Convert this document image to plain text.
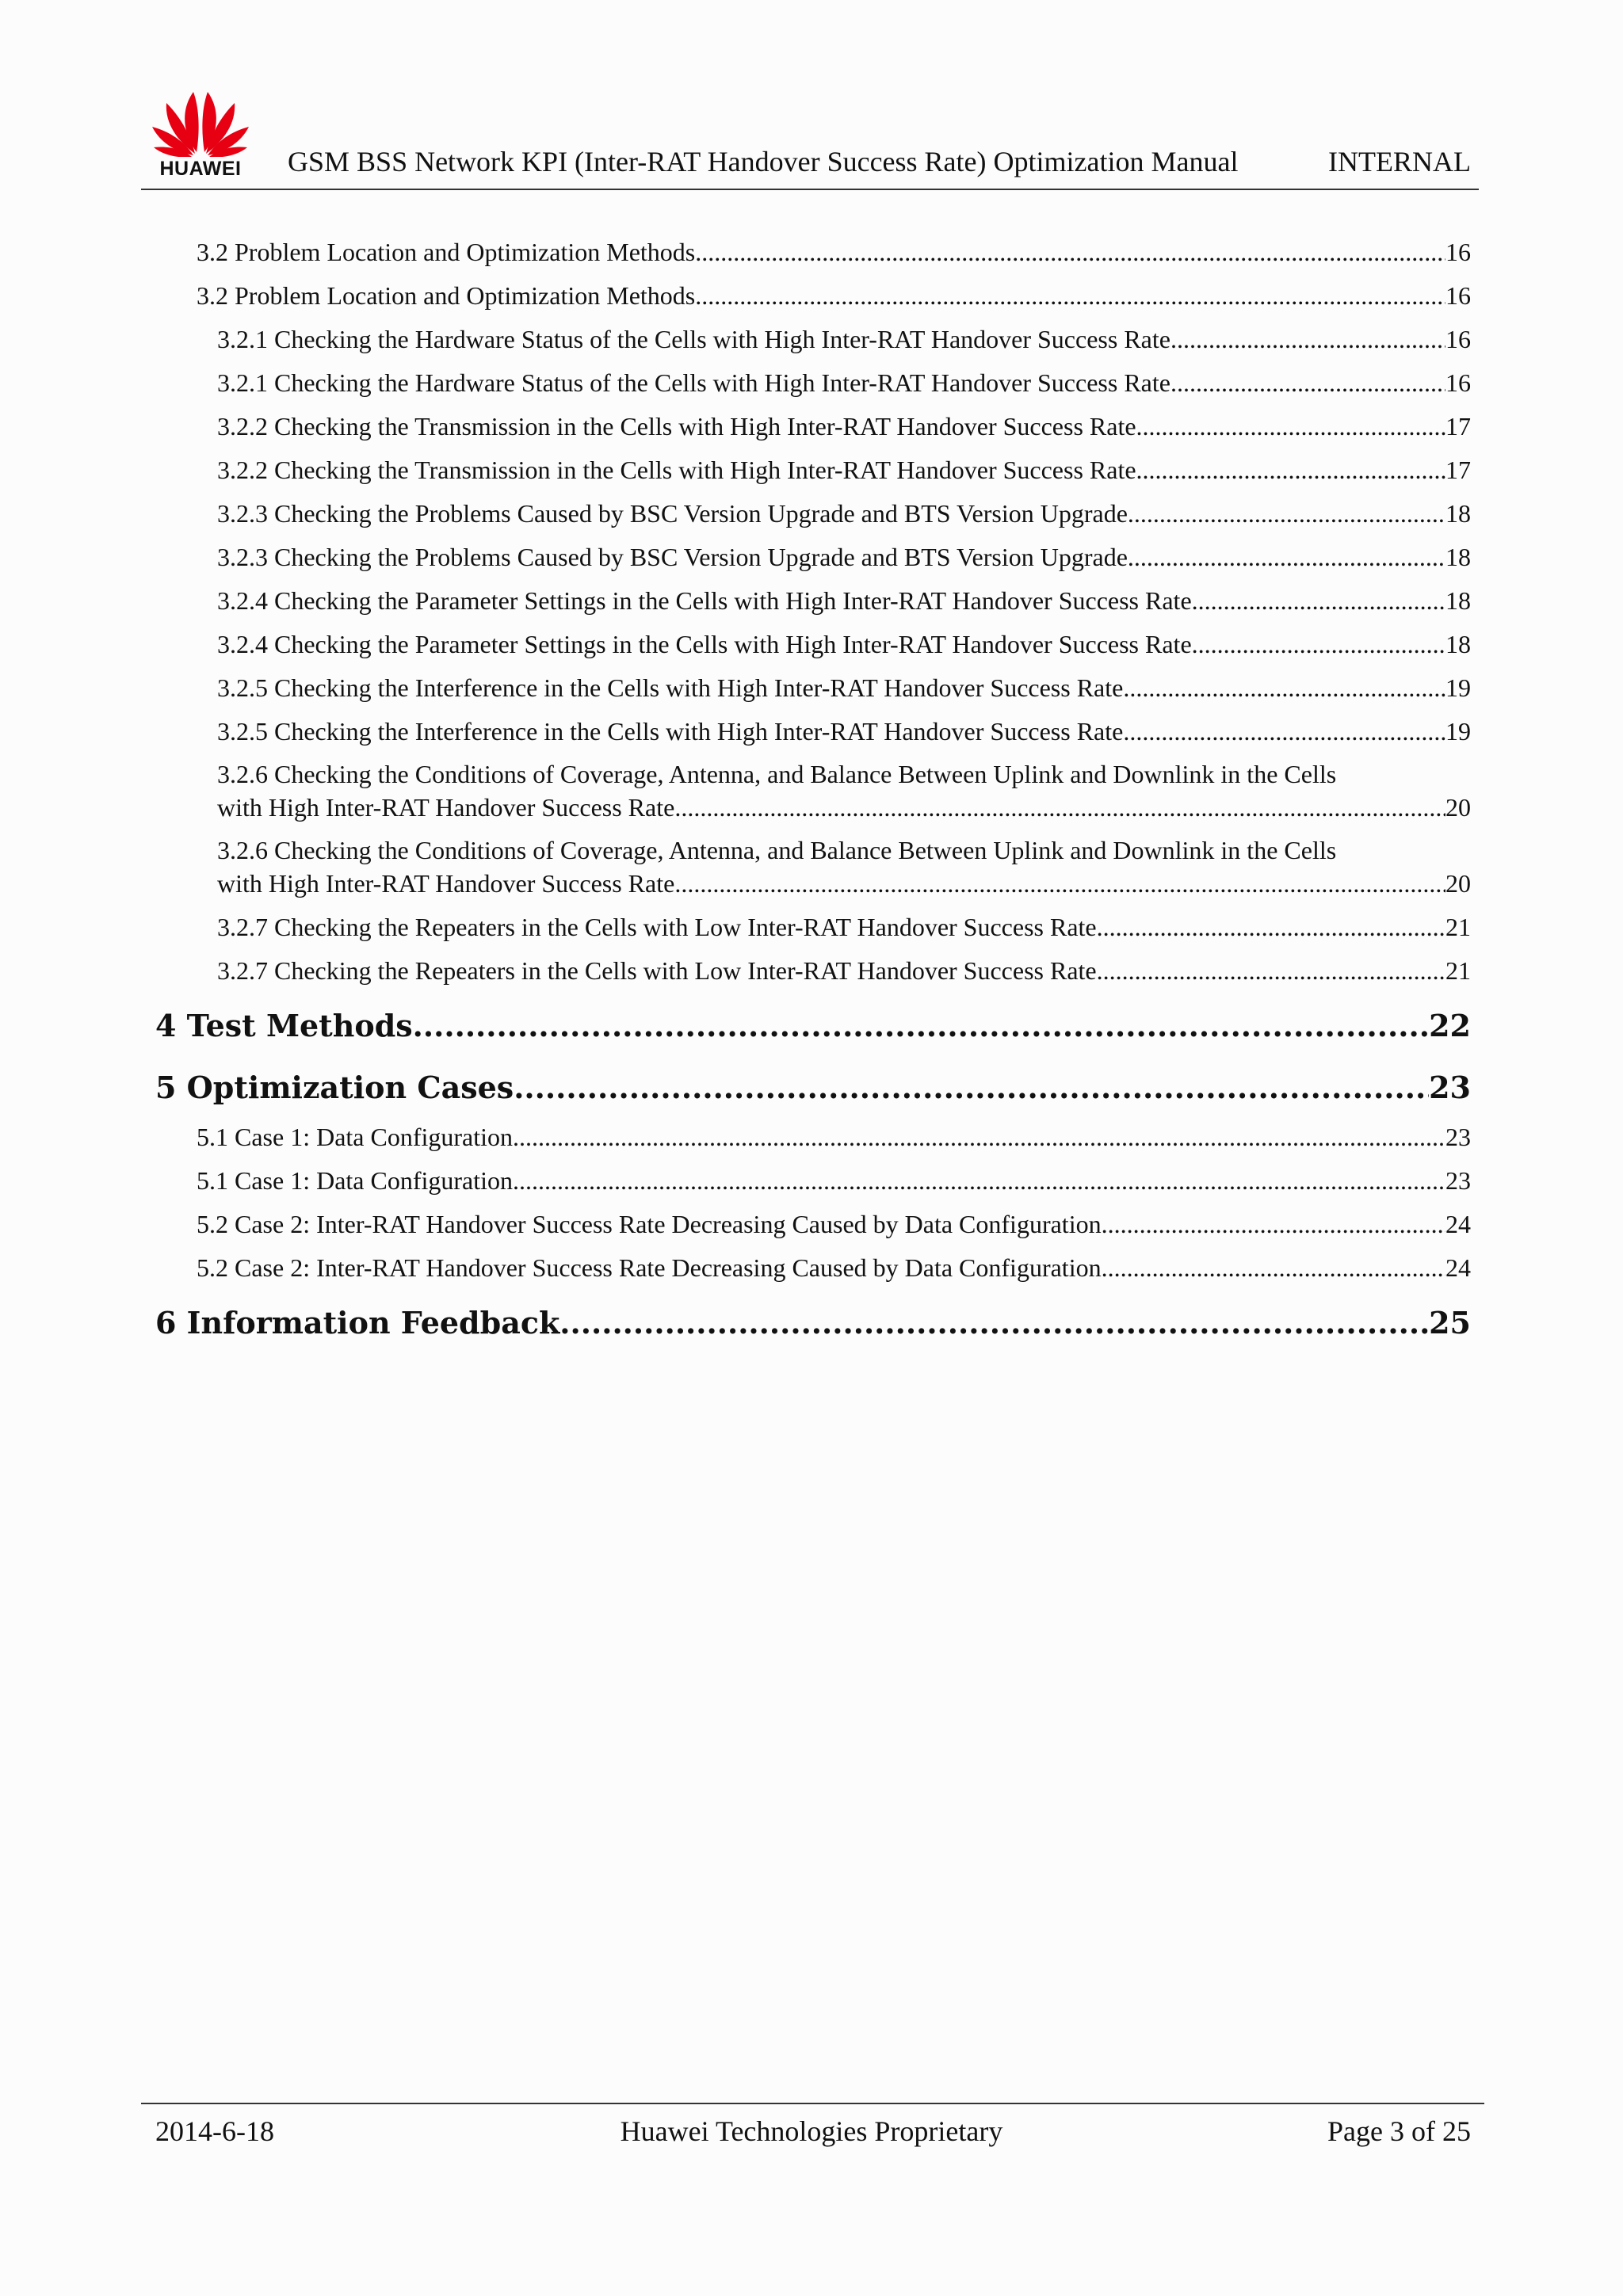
HUAWEI	GSM BSS Network KPI (Inter-RAT Handover Success Rate) Optimization Manual	INTERNAL
3.2 Problem Location and Optimization Methods .....	16
3.2 Problem Location and Optimization Methods .....	16
3.2.1 Checking the Hardware Status of the Cells with High Inter-RAT Handover Success Rate .....	16
3.2.1 Checking the Hardware Status of the Cells with High Inter-RAT Handover Success Rate .....	16
3.2.2 Checking the Transmission in the Cells with High Inter-RAT Handover Success Rate .....	17
3.2.2 Checking the Transmission in the Cells with High Inter-RAT Handover Success Rate .....	17
3.2.3 Checking the Problems Caused by BSC Version Upgrade and BTS Version Upgrade .....	18
3.2.3 Checking the Problems Caused by BSC Version Upgrade and BTS Version Upgrade .....	18
3.2.4 Checking the Parameter Settings in the Cells with High Inter-RAT Handover Success Rate .....	18
3.2.4 Checking the Parameter Settings in the Cells with High Inter-RAT Handover Success Rate .....	18
3.2.5 Checking the Interference in the Cells with High Inter-RAT Handover Success Rate .....	19
3.2.5 Checking the Interference in the Cells with High Inter-RAT Handover Success Rate .....	19
3.2.6 Checking the Conditions of Coverage, Antenna, and Balance Between Uplink and Downlink in the Cells
with High Inter-RAT Handover Success Rate .....	20
3.2.6 Checking the Conditions of Coverage, Antenna, and Balance Between Uplink and Downlink in the Cells
with High Inter-RAT Handover Success Rate .....	20
3.2.7 Checking the Repeaters in the Cells with Low Inter-RAT Handover Success Rate .....	21
3.2.7 Checking the Repeaters in the Cells with Low Inter-RAT Handover Success Rate .....	21
4 Test Methods .....	22
5 Optimization Cases .....	23
5.1 Case 1: Data Configuration .....	23
5.1 Case 1: Data Configuration .....	23
5.2 Case 2: Inter-RAT Handover Success Rate Decreasing Caused by Data Configuration .....	24
5.2 Case 2: Inter-RAT Handover Success Rate Decreasing Caused by Data Configuration .....	24
6 Information Feedback .....	25
2014-6-18	Huawei Technologies Proprietary	Page 3 of 25
